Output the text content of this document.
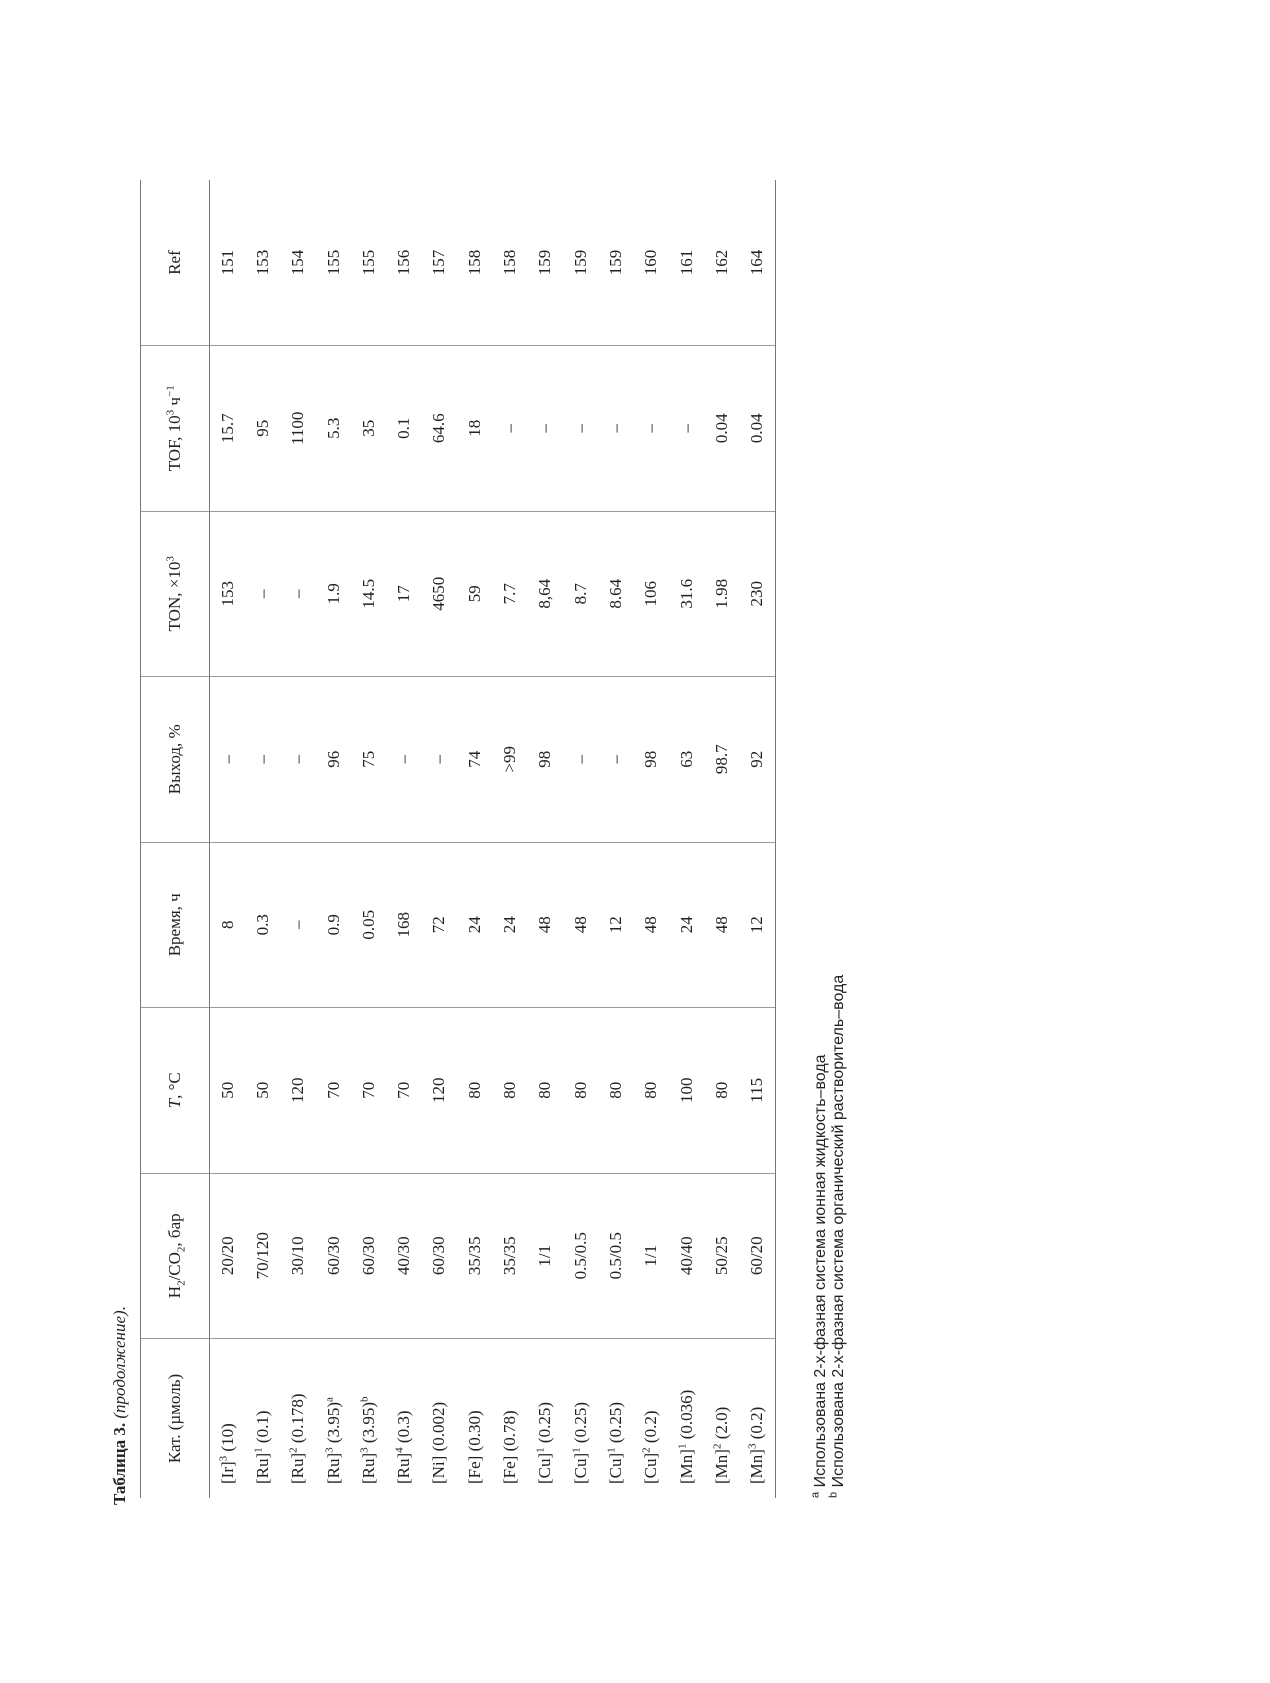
Таблица 3. (продолжение).
Кат. (µмоль)	$H_2/CO_2$, бар	T, °C	Время, ч	Выход, %	TON, $\times 10^3$	TOF, $10^3$ $ч^{-1}$	Ref
$[Ir]^3$ (10)	20/20	50	8	–	153	15.7	151
$[Ru]^1$ (0.1)	70/120	50	0.3	–	–	95	153
$[Ru]^2$ (0.178)	30/10	120	–	–	–	1100	154
$[Ru]^3$ $(3.95)^a$	60/30	70	0.9	96	1.9	5.3	155
$[Ru]^3$ $(3.95)^b$	60/30	70	0.05	75	14.5	35	155
$[Ru]^4$ (0.3)	40/30	70	168	–	17	0.1	156
[Ni] (0.002)	60/30	120	72	–	4650	64.6	157
[Fe] (0.30)	35/35	80	24	74	59	18	158
[Fe] (0.78)	35/35	80	24	>99	7.7	–	158
$[Cu]^1$ (0.25)	1/1	80	48	98	8,64	–	159
$[Cu]^1$ (0.25)	0.5/0.5	80	48	–	8.7	–	159
$[Cu]^1$ (0.25)	0.5/0.5	80	12	–	8.64	–	159
$[Cu]^2$ (0.2)	1/1	80	48	98	106	–	160
$[Mn]^1$ (0.036)	40/40	100	24	63	31.6	–	161
$[Mn]^2$ (2.0)	50/25	80	48	98.7	1.98	0.04	162
$[Mn]^3$ (0.2)	60/20	115	12	92	230	0.04	164
$^a$ Использована 2-х-фазная система ионная жидкость–вода
$^b$ Использована 2-х-фазная система органический растворитель–вода
